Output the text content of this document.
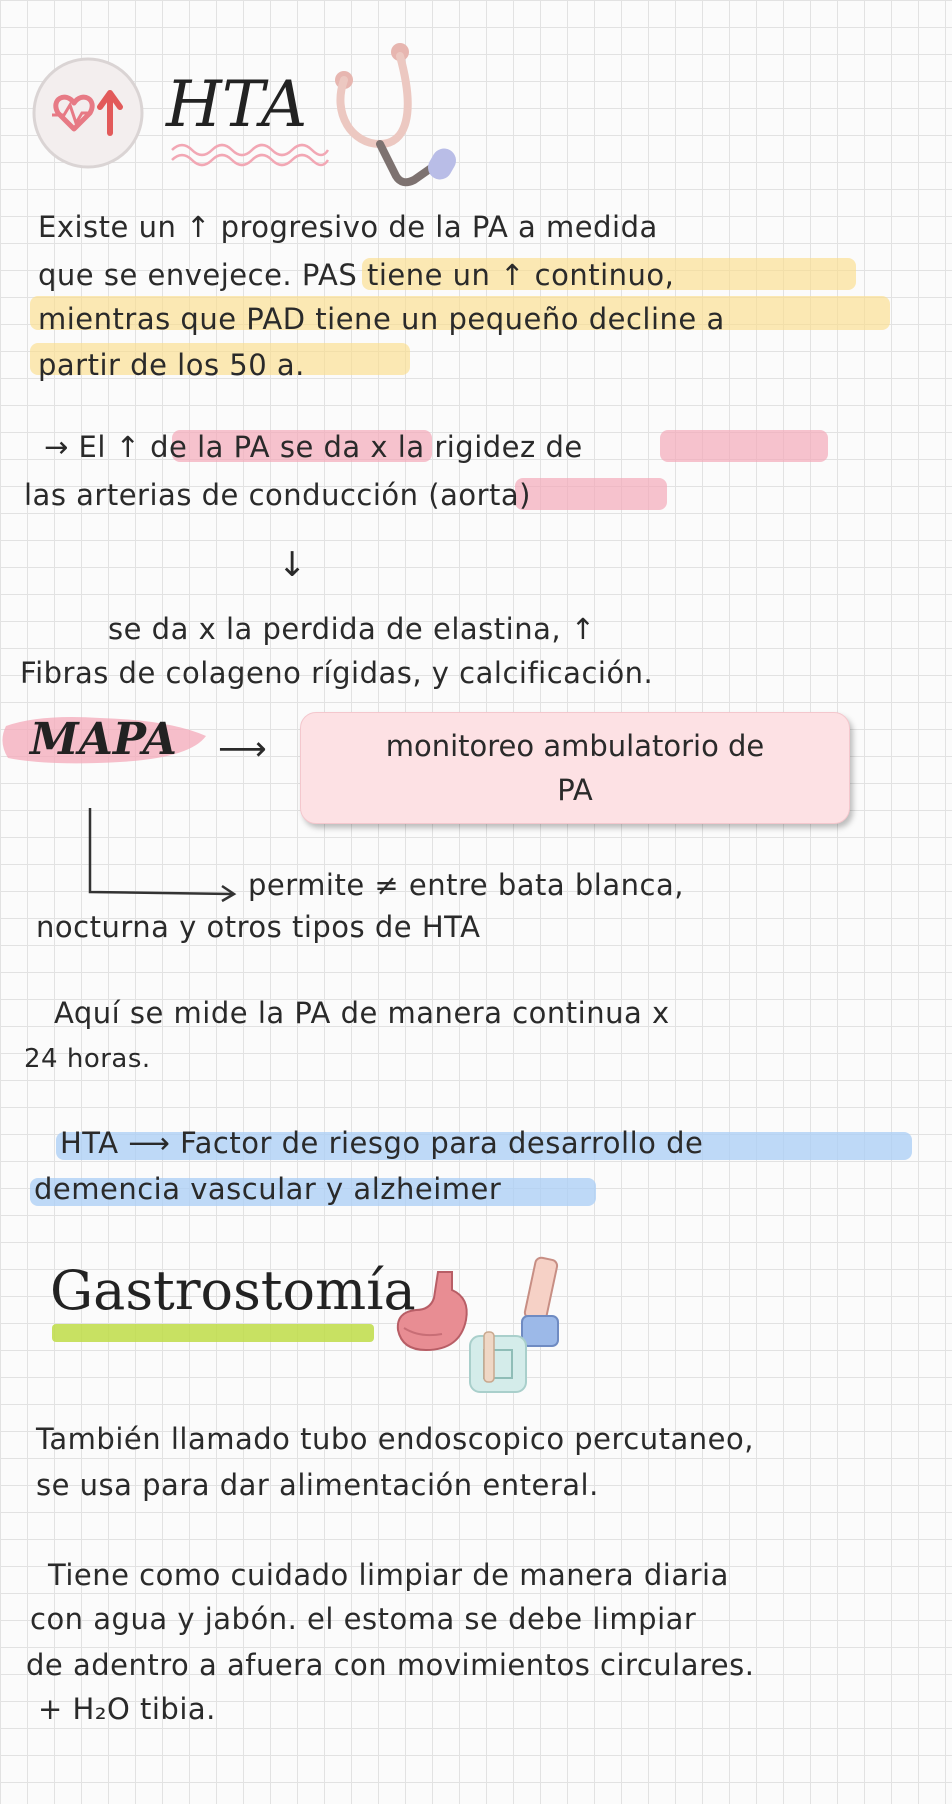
HTA
Existe un ↑ progresivo de la PA a medida
que se envejece. PAS tiene un ↑ continuo,
mientras que PAD tiene un pequeño decline a
partir de los 50 a.
→ El ↑ de la PA se da x la rigidez de
las arterias de conducción (aorta)
↓
se da x la perdida de elastina, ↑
Fibras de colageno rígidas, y calcificación.
MAPA ⟶	monitoreo ambulatorio de
PA
permite ≠ entre bata blanca,
nocturna y otros tipos de HTA
Aquí se mide la PA de manera continua x
24 horas.
HTA ⟶ Factor de riesgo para desarrollo de
demencia vascular y alzheimer
Gastrostomía
También llamado tubo endoscopico percutaneo,
se usa para dar alimentación enteral.
Tiene como cuidado limpiar de manera diaria
con agua y jabón. el estoma se debe limpiar
de adentro a afuera con movimientos circulares.
+ H₂O tibia.
